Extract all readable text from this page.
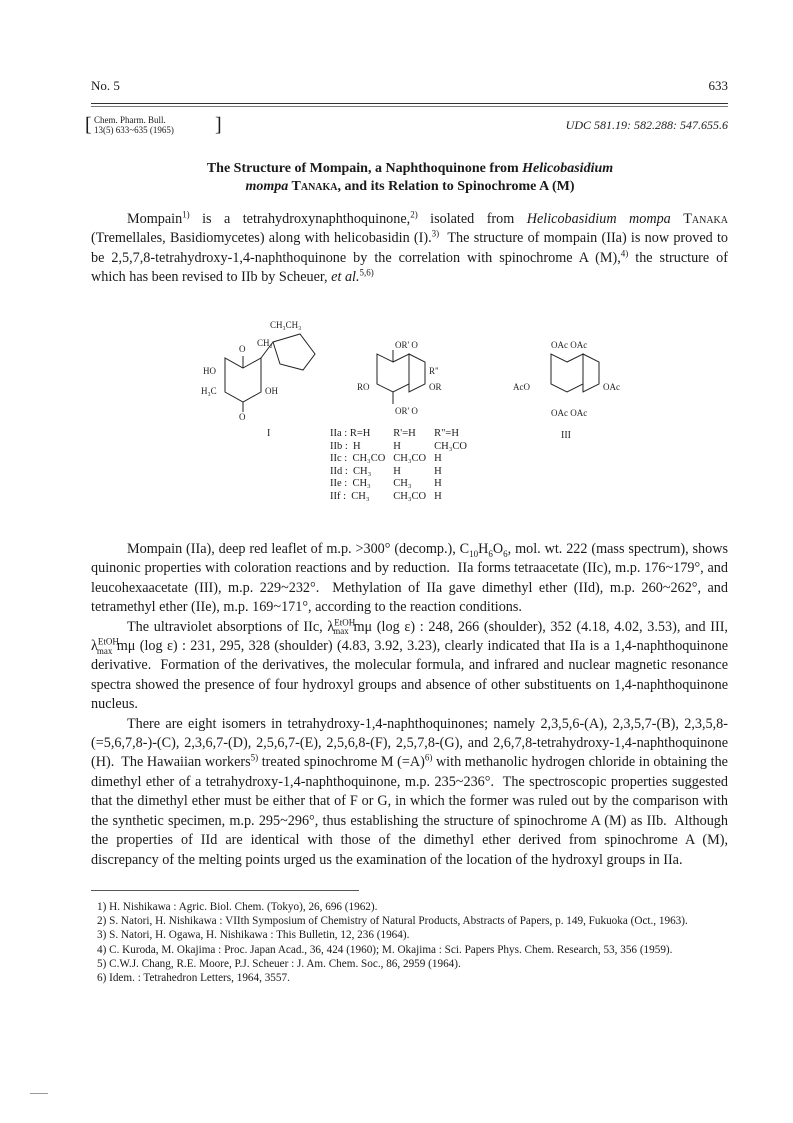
No. 5	633
[ Chem. Pharm. Bull.
13(5) 633~635 (1965) ]	UDC 581.19: 582.288: 547.655.6
The Structure of Mompain, a Naphthoquinone from Helicobasidium
mompa Tanaka, and its Relation to Spinochrome A (M)

Mompain$^{1)}$ is a tetrahydroxynaphthoquinone,$^{2)}$ isolated from Helicobasidium mompa Tanaka (Tremellales, Basidiomycetes) along with helicobasidin (I).$^{3)}$  The structure of mompain (IIa) is now proved to be 2,5,7,8-tetrahydroxy-1,4-naphthoquinone by the correlation with spinochrome A (M),$^{4)}$ the structure of which has been revised to IIb by Scheuer, et al.$^{5,6)}$

CH₃CH₃
CH₂
O
HO
H₃C	OH
O
I
OR' O
R"
RO	OR
OR' O
OAc OAc
AcO	OAc
OAc OAc
III
IIa : R=H	R'=H	R"=H
IIb : H	H	CH₃CO
IIc : CH₃CO	CH₃CO	H
IId : CH₃	H	H
IIe : CH₃	CH₃	H
IIf : CH₃	CH₃CO	H

Mompain (IIa), deep red leaflet of m.p. >300° (decomp.), $C_{10}H_6O_6$, mol. wt. 222 (mass spectrum), shows quinonic properties with coloration reactions and by reduction.  IIa forms tetraacetate (IIc), m.p. 176~179°, and leucohexaacetate (III), m.p. 229~232°.  Methylation of IIa gave dimethyl ether (IId), m.p. 260~262°, and tetramethyl ether (IIe), m.p. 169~171°, according to the reaction conditions.

The ultraviolet absorptions of IIc, $\lambda^{EtOH}_{max}$ mμ (log ε) : 248, 266 (shoulder), 352 (4.18, 4.02, 3.53), and III, $\lambda^{EtOH}_{max}$ mμ (log ε) : 231, 295, 328 (shoulder) (4.83, 3.92, 3.23), clearly indicated that IIa is a 1,4-naphthoquinone derivative.  Formation of the derivatives, the molecular formula, and infrared and nuclear magnetic resonance spectra showed the presence of four hydroxyl groups and absence of other substituents on 1,4-naphthoquinone nucleus.

There are eight isomers in tetrahydroxy-1,4-naphthoquinones; namely 2,3,5,6-(A), 2,3,5,7-(B), 2,3,5,8-(=5,6,7,8-)-(C), 2,3,6,7-(D), 2,5,6,7-(E), 2,5,6,8-(F), 2,5,7,8-(G), and 2,6,7,8-tetrahydroxy-1,4-naphthoquinone (H).  The Hawaiian workers$^{5)}$ treated spinochrome M (=A)$^{6)}$ with methanolic hydrogen chloride in obtaining the dimethyl ether of a tetrahydroxy-1,4-naphthoquinone, m.p. 235~236°.  The spectroscopic properties suggested that the dimethyl ether must be either that of F or G, in which the former was ruled out by the comparison with the synthetic specimen, m.p. 295~296°, thus establishing the structure of spinochrome A (M) as IIb.  Although the properties of IId are identical with those of the dimethyl ether derived from spinochrome A (M), discrepancy of the melting points urged us the examination of the location of the hydroxyl groups in IIa.

1) H. Nishikawa : Agric. Biol. Chem. (Tokyo), 26, 696 (1962).
2) S. Natori, H. Nishikawa : VIIth Symposium of Chemistry of Natural Products, Abstracts of Papers, p. 149, Fukuoka (Oct., 1963).
3) S. Natori, H. Ogawa, H. Nishikawa : This Bulletin, 12, 236 (1964).
4) C. Kuroda, M. Okajima : Proc. Japan Acad., 36, 424 (1960); M. Okajima : Sci. Papers Phys. Chem. Research, 53, 356 (1959).
5) C.W.J. Chang, R.E. Moore, P.J. Scheuer : J. Am. Chem. Soc., 86, 2959 (1964).
6) Idem. : Tetrahedron Letters, 1964, 3557.
